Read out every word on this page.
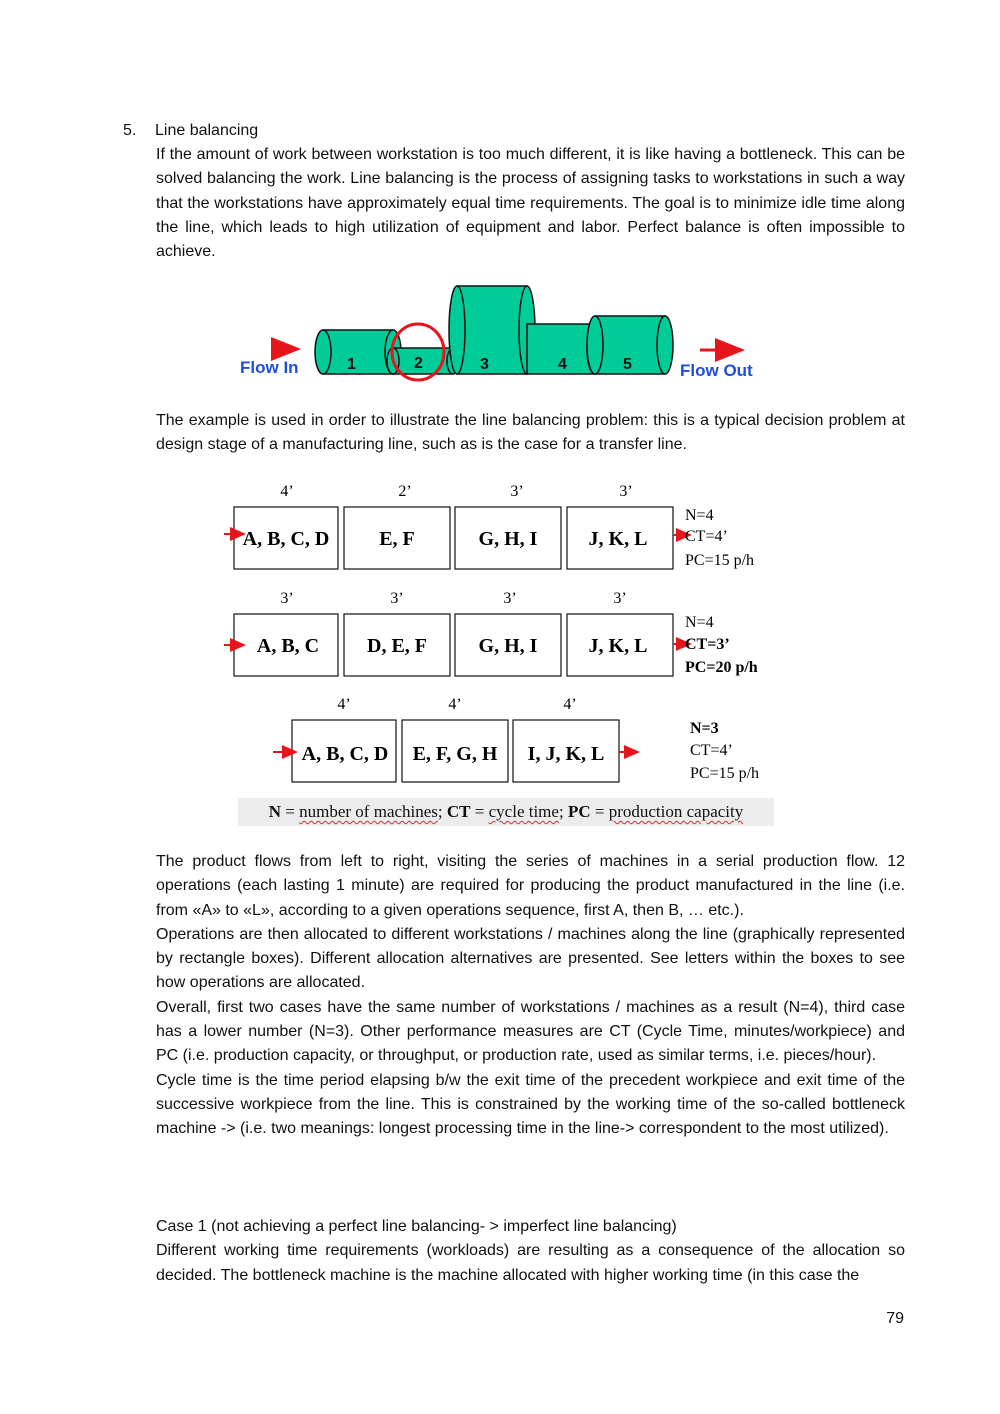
5. Line balancing

If the amount of work between workstation is too much different, it is like having a bottleneck. This can be solved balancing the work. Line balancing is the process of assigning tasks to workstations in such a way that the workstations have approximately equal time requirements. The goal is to minimize idle time along the line, which leads to high utilization of equipment and labor. Perfect balance is often impossible to achieve.

Flow In	1	2	3	4	5	Flow Out

The example is used in order to illustrate the line balancing problem: this is a typical decision problem at design stage of a manufacturing line, such as is the case for a transfer line.

4’	2’	3’	3’
A, B, C, D E, F	G, H, I	J, K, L
N=4
CT=4’
PC=15 p/h
3’	3’	3’	3’
A, B, C D, E, F	G, H, I	J, K, L
N=4
CT=3’
PC=20 p/h
4’	4’	4’
A, B, C, D E, F, G, H I, J, K, L
N=3
CT=4’
PC=15 p/h
N = number of machines; CT = cycle time; PC = production capacity

The product flows from left to right, visiting the series of machines in a serial production flow. 12 operations (each lasting 1 minute) are required for producing the product manufactured in the line (i.e. from «A» to «L», according to a given operations sequence, first A, then B, … etc.).

Operations are then allocated to different workstations / machines along the line (graphically represented by rectangle boxes). Different allocation alternatives are presented. See letters within the boxes to see how operations are allocated.

Overall, first two cases have the same number of workstations / machines as a result (N=4), third case has a lower number (N=3). Other performance measures are CT (Cycle Time, minutes/workpiece) and PC (i.e. production capacity, or throughput, or production rate, used as similar terms, i.e. pieces/hour).

Cycle time is the time period elapsing b/w the exit time of the precedent workpiece and exit time of the successive workpiece from the line. This is constrained by the working time of the so-called bottleneck machine -> (i.e. two meanings: longest processing time in the line-> correspondent to the most utilized).

Case 1 (not achieving a perfect line balancing- > imperfect line balancing)

Different working time requirements (workloads) are resulting as a consequence of the allocation so decided. The bottleneck machine is the machine allocated with higher working time (in this case the

79
